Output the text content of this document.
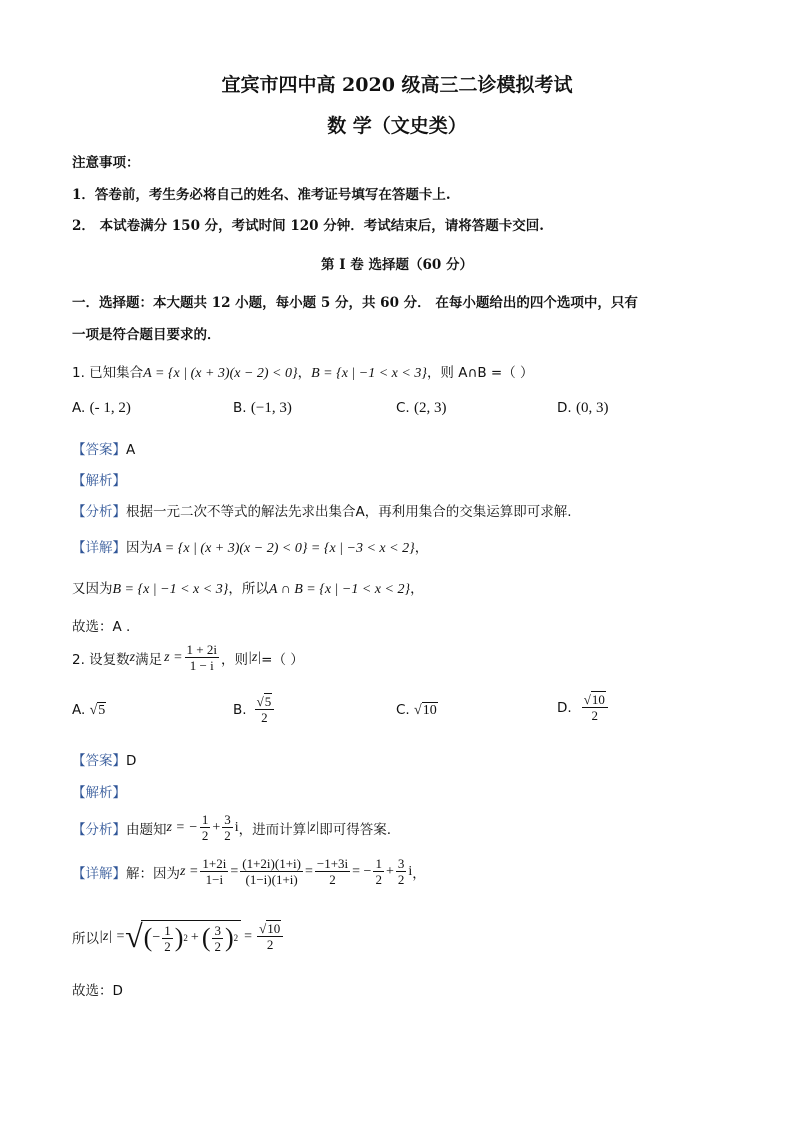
宜宾市四中高 2020 级高三二诊模拟考试
数 学（文史类）
注意事项：
1．答卷前，考生务必将自己的姓名、准考证号填写在答题卡上.
2． 本试卷满分 150 分，考试时间 120 分钟．考试结束后，请将答题卡交回.
第 I 卷 选择题（60 分）
一．选择题：本大题共 12 小题，每小题 5 分，共 60 分． 在每小题给出的四个选项中，只有
一项是符合题目要求的．
1. 已知集合A = {x | (x + 3)(x − 2) < 0}，B = {x | −1 < x < 3}，则 A∩B =（ ）
A. (‑ 1, 2)	B. (−1, 3)	C. (2, 3)	D. (0, 3)
【答案】A
【解析】
【分析】根据一元二次不等式的解法先求出集合A，再利用集合的交集运算即可求解.
【详解】因为A = {x | (x + 3)(x − 2) < 0} = {x | −3 < x < 2}，
又因为B = {x | −1 < x < 3}，所以A ∩ B = {x | −1 < x < 2}，
故选：A .
2. 设复数 z 满足 $z = \frac{1 + 2i}{1 - i}$ ，则 |z| =（ ）
A. √5	B. $\frac{√5}{2}$	C. √10	D. $\frac{√10}{2}$
【答案】D
【解析】
【分析】 由题知 z = − $\frac{1}{2} + \frac{3}{2}$ i ，进而计算 |z| 即可得答案.
【详解】 解：因为 $z = \frac{1+2i}{1-i} = \frac{(1+2i)(1+i)}{(1-i)(1+i)} = \frac{-1+3i}{2}$ = − $\frac{1}{2} + \frac{3}{2}$ i ，
所以 |z| = √ ( − $\frac{1}{2}$ ) 2 + ( $\frac{3}{2}$ ) $2 = \frac{√10}{2}$
故选：D
